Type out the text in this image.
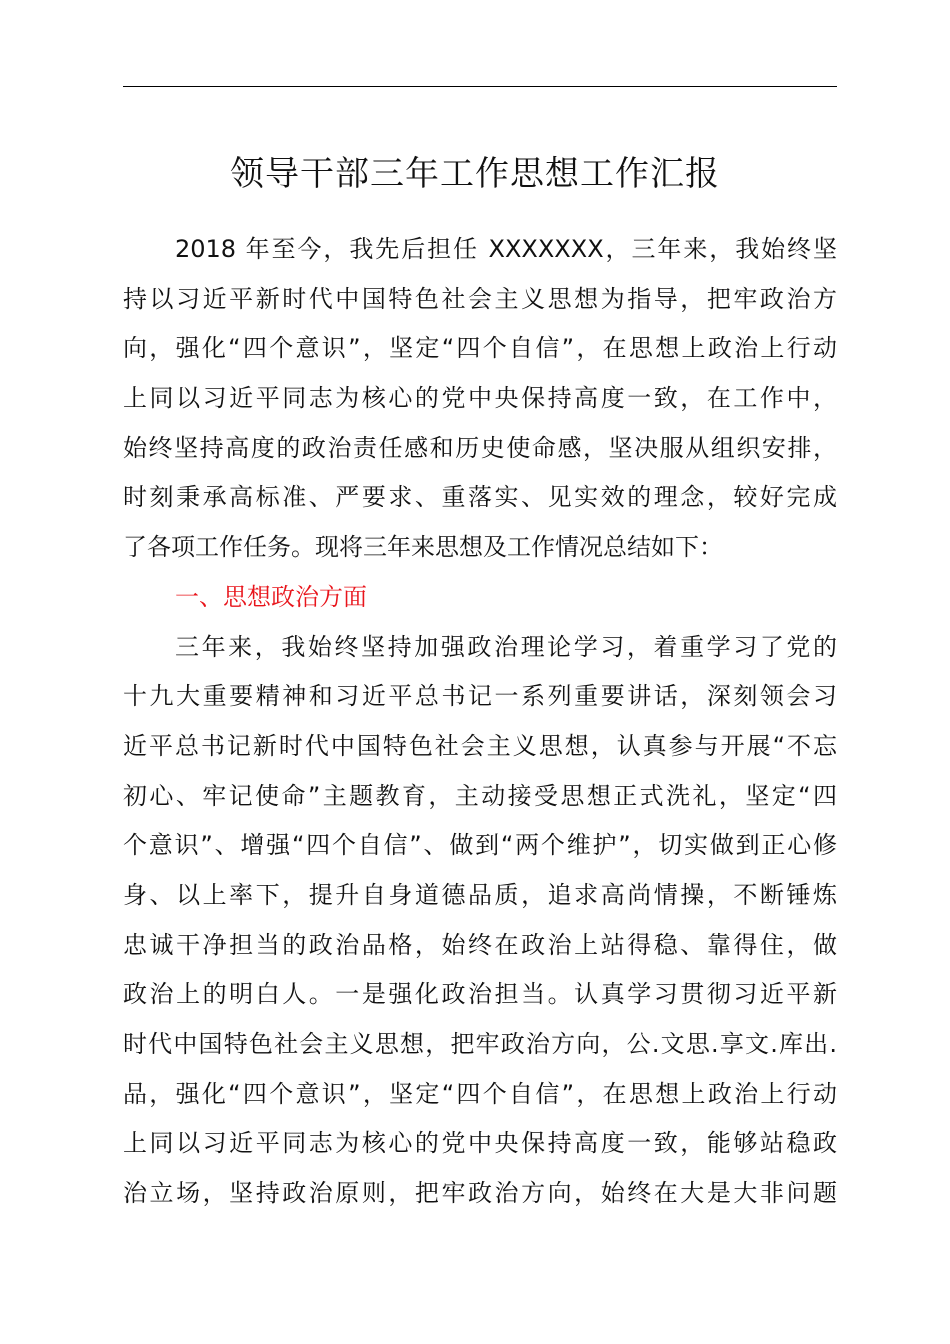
领导干部三年工作思想工作汇报
2018 年至今，我先后担任 XXXXXXX，三年来，我始终坚
持以习近平新时代中国特色社会主义思想为指导，把牢政治方
向，强化“四个意识”，坚定“四个自信”，在思想上政治上行动
上同以习近平同志为核心的党中央保持高度一致，在工作中，
始终坚持高度的政治责任感和历史使命感，坚决服从组织安排，
时刻秉承高标准、严要求、重落实、见实效的理念，较好完成
了各项工作任务。现将三年来思想及工作情况总结如下：
一、思想政治方面
三年来，我始终坚持加强政治理论学习，着重学习了党的
十九大重要精神和习近平总书记一系列重要讲话，深刻领会习
近平总书记新时代中国特色社会主义思想，认真参与开展“不忘
初心、牢记使命”主题教育，主动接受思想正式洗礼，坚定“四
个意识”、增强“四个自信”、做到“两个维护”，切实做到正心修
身、以上率下，提升自身道德品质，追求高尚情操，不断锤炼
忠诚干净担当的政治品格，始终在政治上站得稳、靠得住，做
政治上的明白人。一是强化政治担当。认真学习贯彻习近平新
时代中国特色社会主义思想，把牢政治方向，公.文思.享文.库出.
品，强化“四个意识”，坚定“四个自信”，在思想上政治上行动
上同以习近平同志为核心的党中央保持高度一致，能够站稳政
治立场，坚持政治原则，把牢政治方向，始终在大是大非问题
